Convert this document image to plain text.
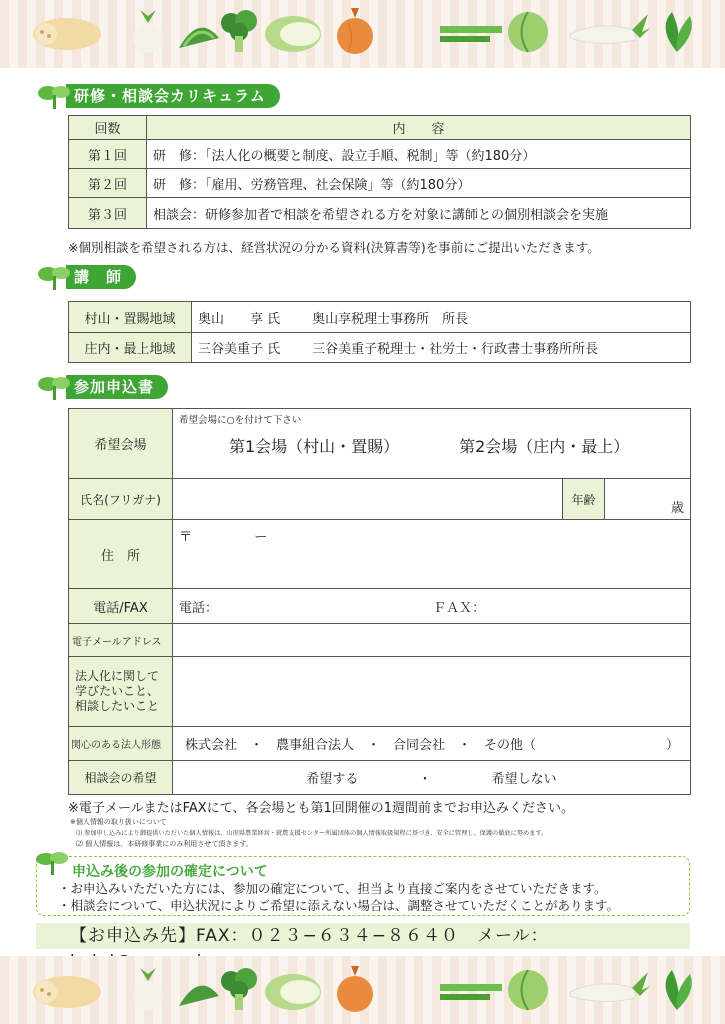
研修・相談会カリキュラム
回数	内　　容
第１回	研　修：「法人化の概要と制度、設立手順、税制」等（約180分）
第２回	研　修：「雇用、労務管理、社会保険」等（約180分）
第３回	相談会：研修参加者で相談を希望される方を対象に講師との個別相談会を実施
※個別相談を希望される方は、経営状況の分かる資料(決算書等)を事前にご提出いただきます。
講　師
村山・置賜地域	奥山　　享 氏 奥山享税理士事務所　所長
庄内・最上地域	三谷美重子 氏 三谷美重子税理士・社労士・行政書士事務所所長
参加申込書
希望会場	希望会場に○を付けて下さい
第1会場（村山・置賜） 第2会場（庄内・最上）		

氏名(フリガナ)		年齢	歳
住　所	〒 ー		
電話/FAX	電話： ＦＡＸ：		
電子メールアドレス			
法人化に関して学びたいこと、相談したいこと			
関心のある法人形態	株式会社　・　農事組合法人　・　合同会社　・　その他（　　　　　　　　　　）		
相談会の希望	希望する ・ 希望しない		
※電子メールまたはFAXにて、各会場とも第1回開催の1週間前までお申込みください。
※個人情報の取り扱いについて
⑴ 参加申し込みにより御提供いただいた個人情報は、山形県農業経営・就農支援センター所属団体の個人情報取扱規程に基づき、安全に管理し、保護の徹底に努めます。
⑵ 個人情報は、本研修事業にのみ利用させて頂きます。
申込み後の参加の確定について
・お申込みいただいた方には、参加の確定について、担当より直接ご案内をさせていただきます。
・相談会について、申込状況によりご希望に添えない場合は、調整させていただくことがあります。
【お申込み先】FAX：０２３−６３４−８６４０　メール：
